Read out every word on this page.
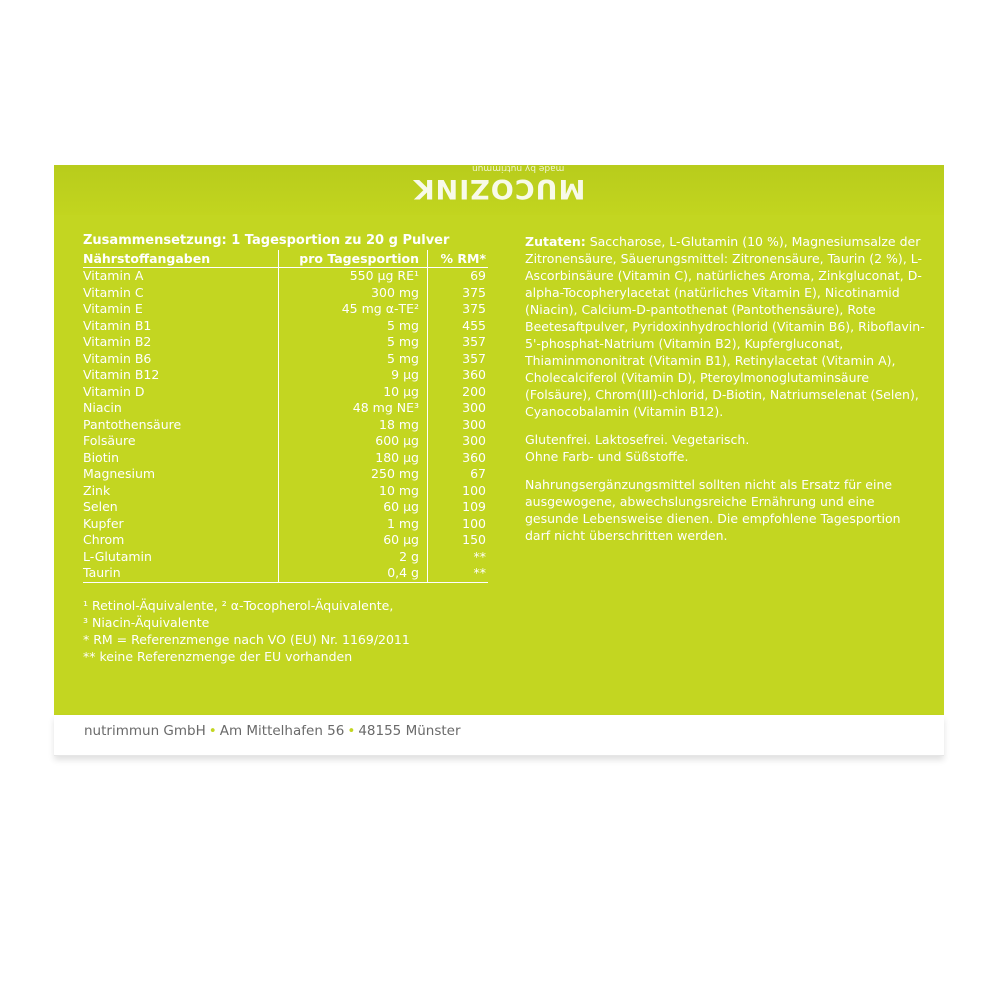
MUCOZINK
made by nutrimmun
Zusammensetzung: 1 Tagesportion zu 20 g Pulver
Nährstoffangaben	pro Tagesportion	% RM*
Vitamin A	550 µg RE¹	69
Vitamin C	300 mg	375
Vitamin E	45 mg α-TE²	375
Vitamin B1	5 mg	455
Vitamin B2	5 mg	357
Vitamin B6	5 mg	357
Vitamin B12	9 µg	360
Vitamin D	10 µg	200
Niacin	48 mg NE³	300
Pantothensäure	18 mg	300
Folsäure	600 µg	300
Biotin	180 µg	360
Magnesium	250 mg	67
Zink	10 mg	100
Selen	60 µg	109
Kupfer	1 mg	100
Chrom	60 µg	150
L-Glutamin	2 g	**
Taurin	0,4 g	**
¹ Retinol-Äquivalente, ² α-Tocopherol-Äquivalente,
³ Niacin-Äquivalente
* RM = Referenzmenge nach VO (EU) Nr. 1169/2011
** keine Referenzmenge der EU vorhanden

Zutaten: Saccharose, L-Glutamin (10 %), Magnesiumsalze der Zitronensäure, Säuerungsmittel: Zitronensäure, Taurin (2 %), L-Ascorbinsäure (Vitamin C), natürliches Aroma, Zinkgluconat, D-alpha-Tocopherylacetat (natürliches Vitamin E), Nicotinamid (Niacin), Calcium-D-pantothenat (Pantothensäure), Rote Beetesaftpulver, Pyridoxinhydrochlorid (Vitamin B6), Riboflavin-5'-phosphat-Natrium (Vitamin B2), Kupfergluconat, Thiaminmononitrat (Vitamin B1), Retinylacetat (Vitamin A), Cholecalciferol (Vitamin D), Pteroylmonoglutaminsäure (Folsäure), Chrom(III)-chlorid, D-Biotin, Natriumselenat (Selen), Cyanocobalamin (Vitamin B12).

Glutenfrei. Laktosefrei. Vegetarisch.
Ohne Farb- und Süßstoffe.

Nahrungsergänzungsmittel sollten nicht als Ersatz für eine ausgewogene, abwechslungsreiche Ernährung und eine gesunde Lebensweise dienen. Die empfohlene Tagesportion darf nicht überschritten werden.

nutrimmun GmbH • Am Mittelhafen 56 • 48155 Münster
